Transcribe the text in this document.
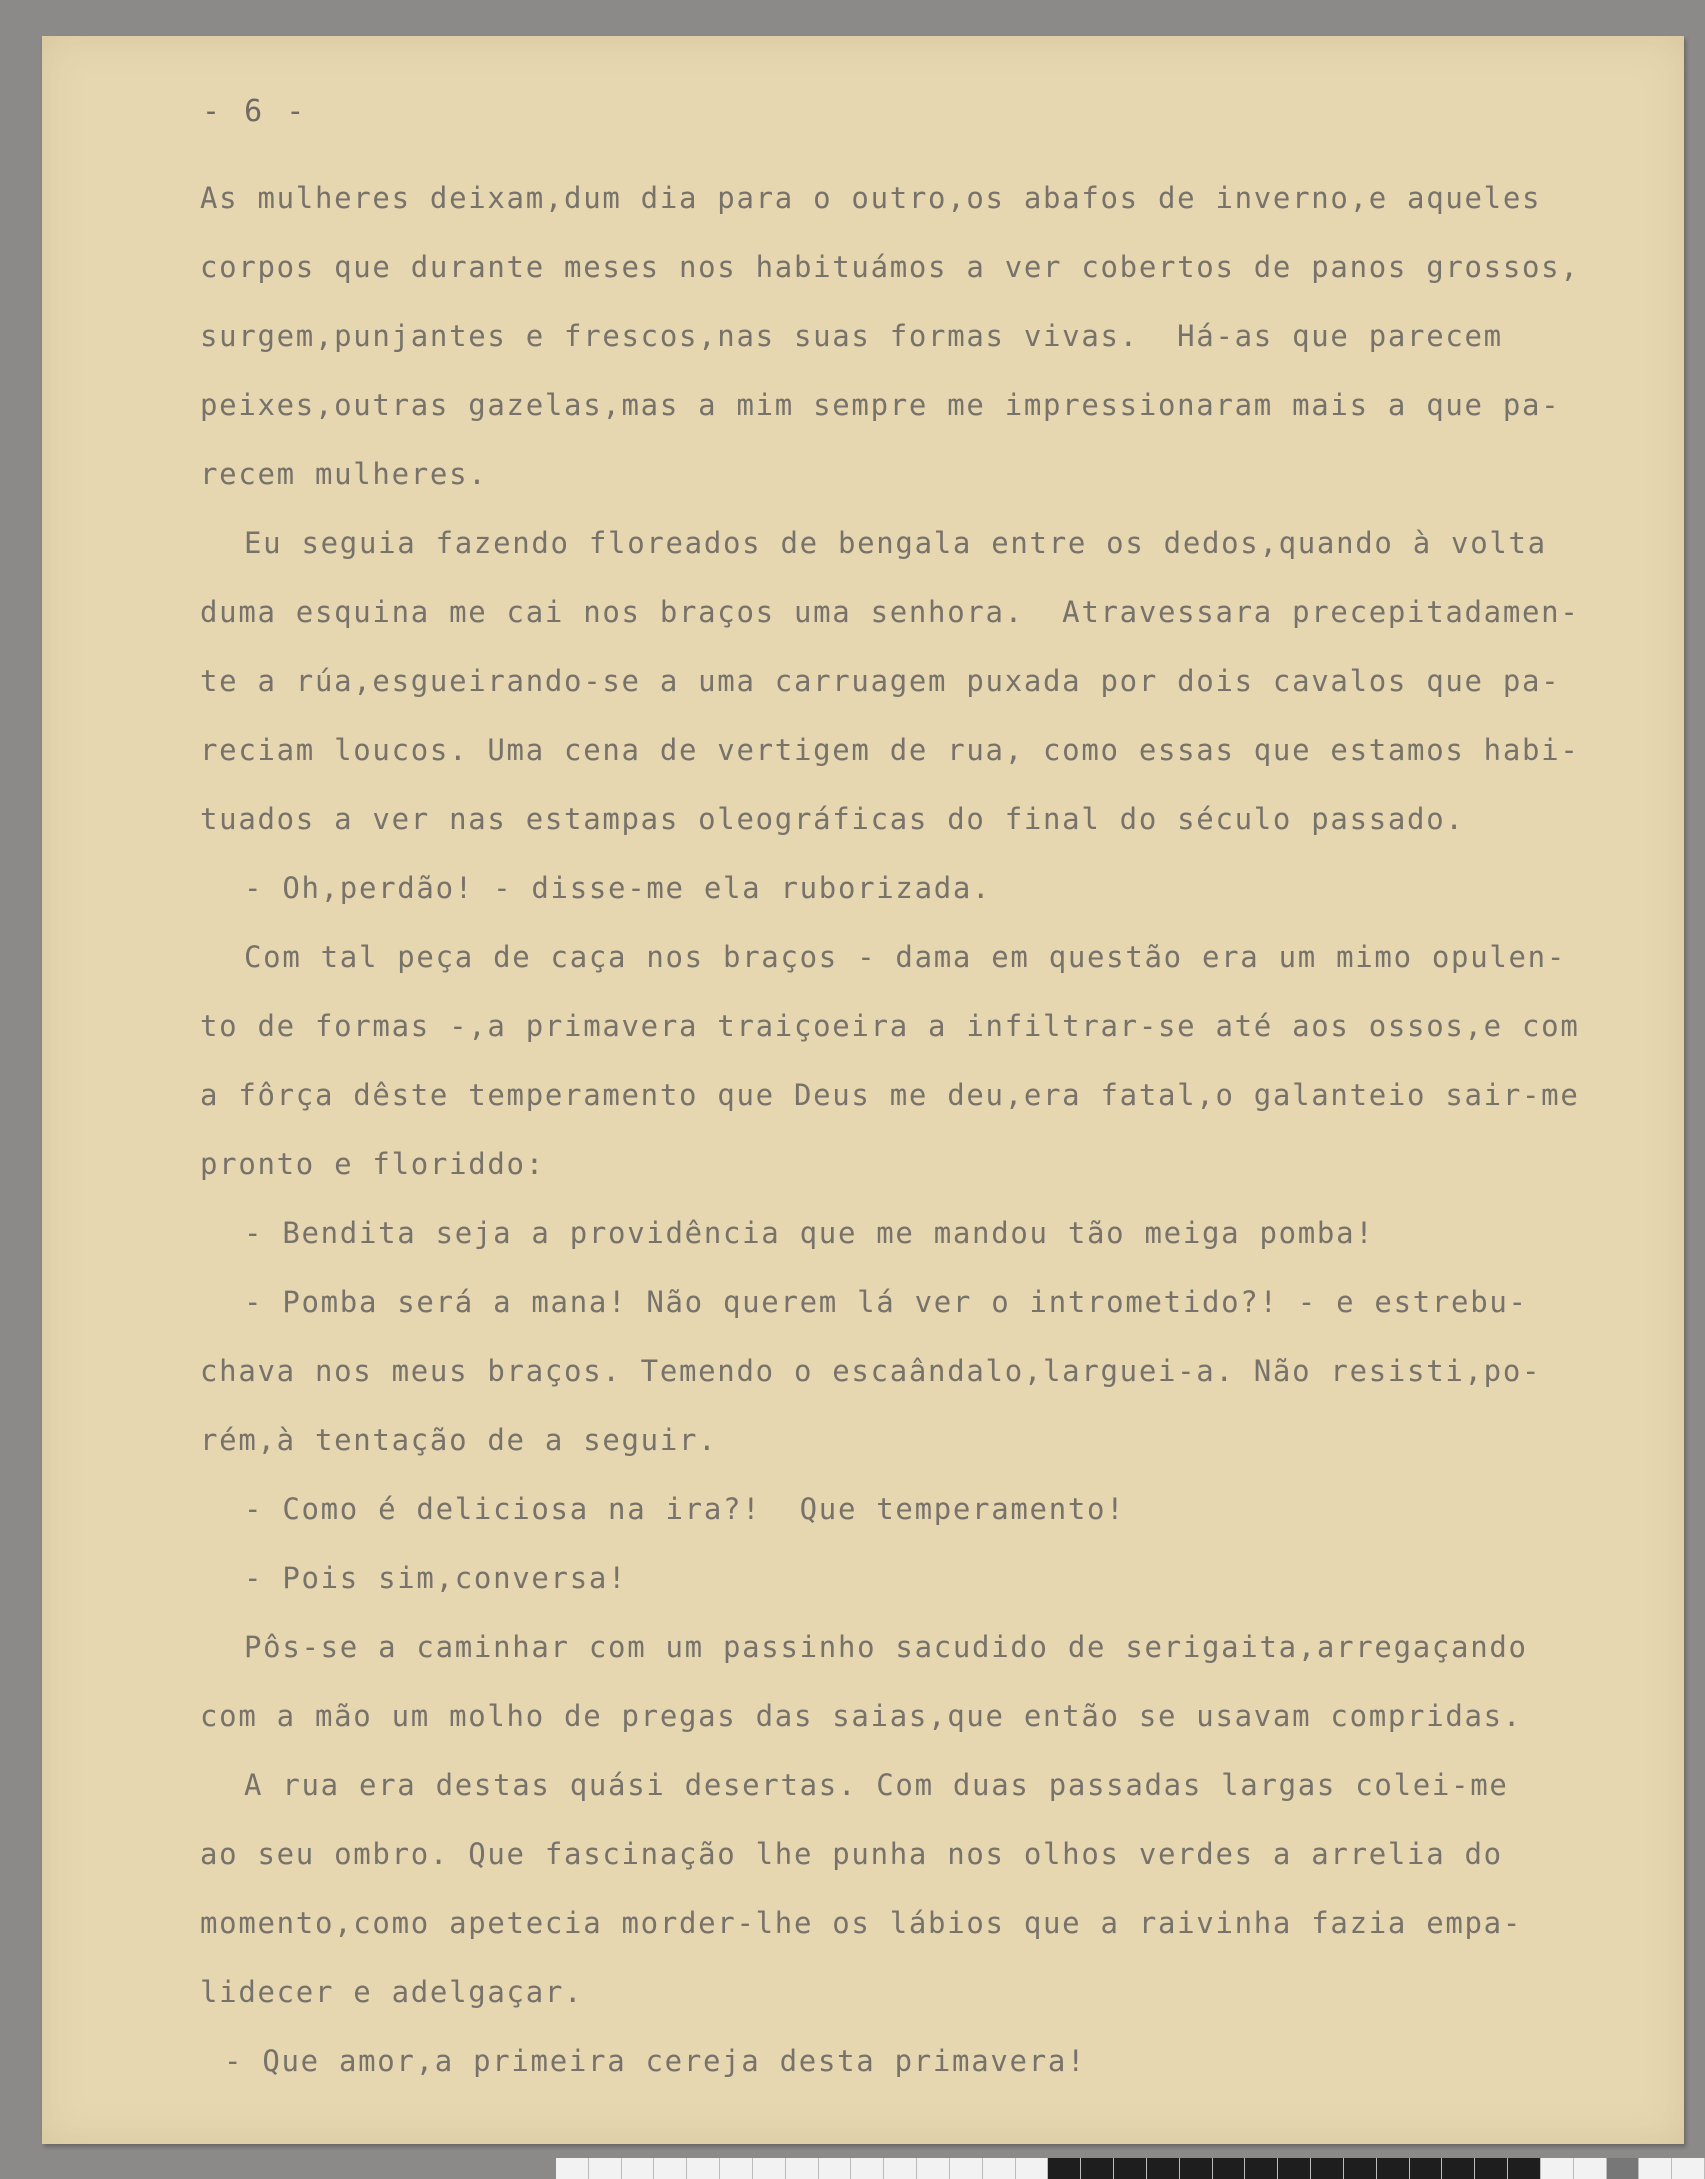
- 6 -
As mulheres deixam,dum dia para o outro,os abafos de inverno,e aqueles
corpos que durante meses nos habituámos a ver cobertos de panos grossos,
surgem,punjantes e frescos,nas suas formas vivas.  Há-as que parecem
peixes,outras gazelas,mas a mim sempre me impressionaram mais a que pa-
recem mulheres.
Eu seguia fazendo floreados de bengala entre os dedos,quando à volta
duma esquina me cai nos braços uma senhora.  Atravessara precepitadamen-
te a rúa,esgueirando-se a uma carruagem puxada por dois cavalos que pa-
reciam loucos. Uma cena de vertigem de rua, como essas que estamos habi-
tuados a ver nas estampas oleográficas do final do século passado.
- Oh,perdão! - disse-me ela ruborizada.
Com tal peça de caça nos braços - dama em questão era um mimo opulen-
to de formas -,a primavera traiçoeira a infiltrar-se até aos ossos,e com
a fôrça dêste temperamento que Deus me deu,era fatal,o galanteio sair-me
pronto e floriddo:
- Bendita seja a providência que me mandou tão meiga pomba!
- Pomba será a mana! Não querem lá ver o intrometido?! - e estrebu-
chava nos meus braços. Temendo o escaândalo,larguei-a. Não resisti,po-
rém,à tentação de a seguir.
- Como é deliciosa na ira?!  Que temperamento!
- Pois sim,conversa!
Pôs-se a caminhar com um passinho sacudido de serigaita,arregaçando
com a mão um molho de pregas das saias,que então se usavam compridas.
A rua era destas quási desertas. Com duas passadas largas colei-me
ao seu ombro. Que fascinação lhe punha nos olhos verdes a arrelia do
momento,como apetecia morder-lhe os lábios que a raivinha fazia empa-
lidecer e adelgaçar.
- Que amor,a primeira cereja desta primavera!
